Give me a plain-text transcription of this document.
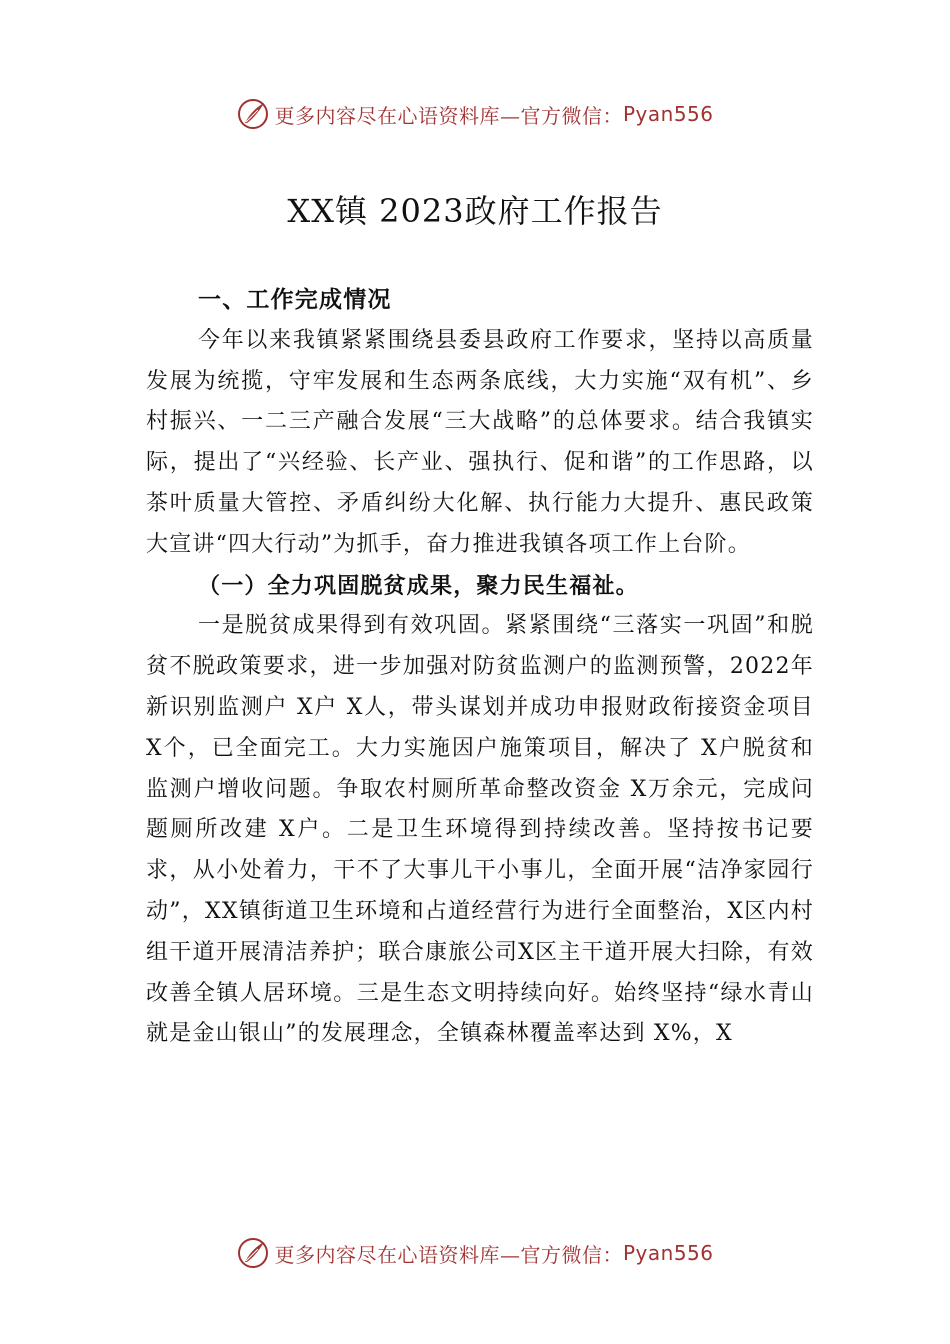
更多内容尽在心语资料库—官方微信： Pyan556
XX镇 2023政府工作报告

一、工作完成情况

今年以来我镇紧紧围绕县委县政府工作要求，坚持以高质量发展为统揽，守牢发展和生态两条底线，大力实施“双有机”、乡村振兴、一二三产融合发展“三大战略”的总体要求。结合我镇实际，提出了“兴经验、长产业、强执行、促和谐”的工作思路，以茶叶质量大管控、矛盾纠纷大化解、执行能力大提升、惠民政策大宣讲“四大行动”为抓手，奋力推进我镇各项工作上台阶。

（一）全力巩固脱贫成果，聚力民生福祉。

一是脱贫成果得到有效巩固。紧紧围绕“三落实一巩固”和脱贫不脱政策要求，进一步加强对防贫监测户的监测预警，2022年新识别监测户 X户 X人，带头谋划并成功申报财政衔接资金项目 X个，已全面完工。大力实施因户施策项目，解决了 X户脱贫和监测户增收问题。争取农村厕所革命整改资金 X万余元，完成问题厕所改建 X户。二是卫生环境得到持续改善。坚持按书记要求，从小处着力，干不了大事儿干小事儿，全面开展“洁净家园行动”，XX镇街道卫生环境和占道经营行为进行全面整治，X区内村组干道开展清洁养护；联合康旅公司X区主干道开展大扫除，有效改善全镇人居环境。三是生态文明持续向好。始终坚持“绿水青山就是金山银山”的发展理念，全镇森林覆盖率达到 X%，X

更多内容尽在心语资料库—官方微信： Pyan556
